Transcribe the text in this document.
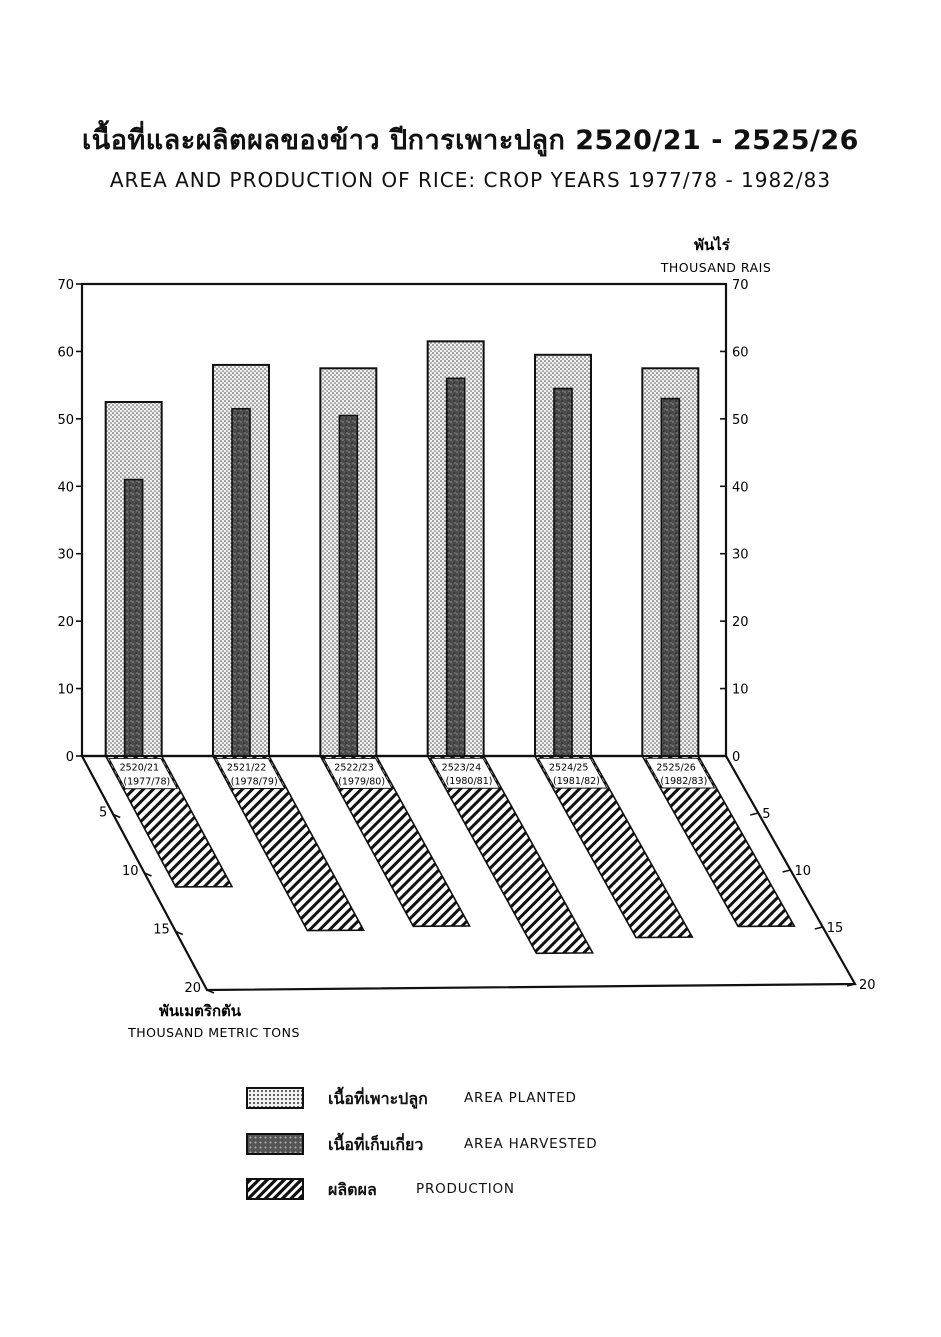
เนื้อที่และผลิตผลของข้าว ปีการเพาะปลูก 2520/21 - 2525/26
AREA AND PRODUCTION OF RICE: CROP YEARS 1977/78 - 1982/83
0
10
20
30
40
50
60
70
0
10
20
30
40
50
60
70
พันไร่
THOUSAND RAIS
5
10
15
20
5
10
15
20
พันเมตริกตัน
THOUSAND METRIC TONS
2520/21
(1977/78)
2521/22
(1978/79)
2522/23
(1979/80)
2523/24
(1980/81)
2524/25
(1981/82)
2525/26
(1982/83)
เนื้อที่เพาะปลูก	AREA PLANTED
เนื้อที่เก็บเกี่ยว	AREA HARVESTED
ผลิตผล	PRODUCTION
